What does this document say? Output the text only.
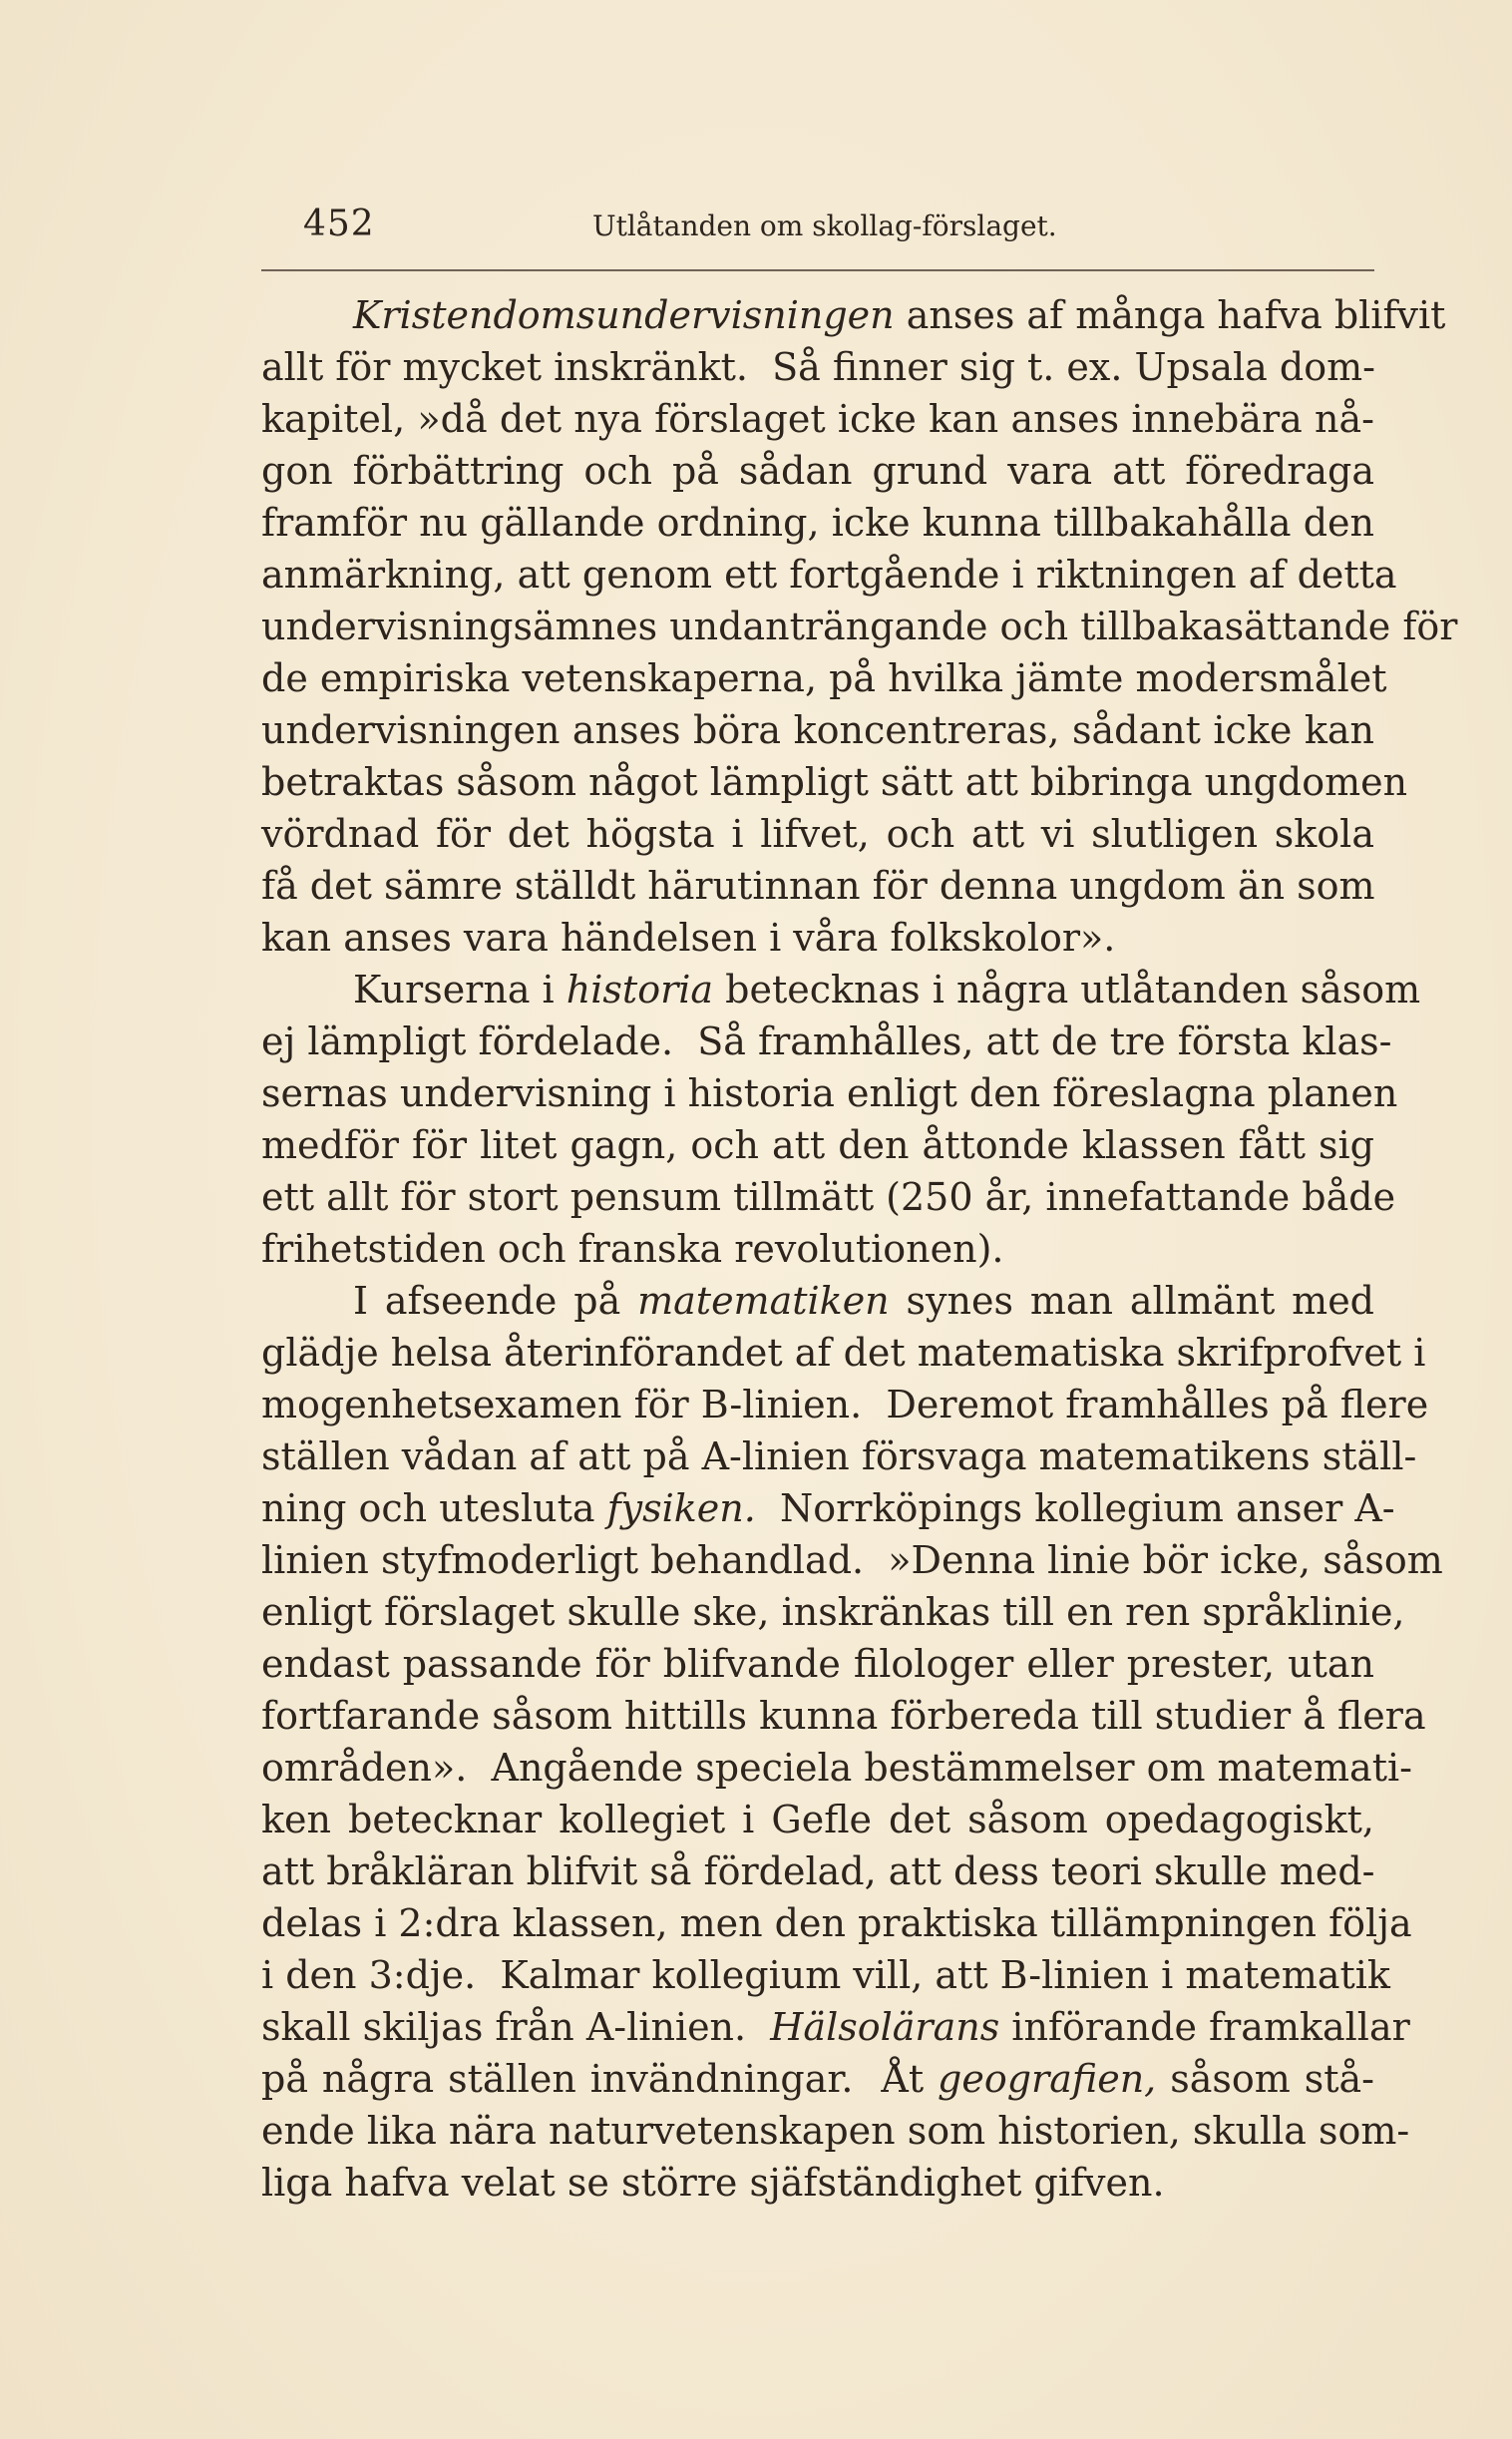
452	Utlåtanden om skollag-förslaget.
Kristendomsundervisningen anses af många hafva blifvit
allt för mycket inskränkt.  Så finner sig t. ex. Upsala dom-
kapitel, »då det nya förslaget icke kan anses innebära nå-
gon förbättring och på sådan grund vara att föredraga
framför nu gällande ordning, icke kunna tillbakahålla den
anmärkning, att genom ett fortgående i riktningen af detta
undervisningsämnes undanträngande och tillbakasättande för
de empiriska vetenskaperna, på hvilka jämte modersmålet
undervisningen anses böra koncentreras, sådant icke kan
betraktas såsom något lämpligt sätt att bibringa ungdomen
vördnad för det högsta i lifvet, och att vi slutligen skola
få det sämre ställdt härutinnan för denna ungdom än som
kan anses vara händelsen i våra folkskolor».
Kurserna i historia betecknas i några utlåtanden såsom
ej lämpligt fördelade.  Så framhålles, att de tre första klas-
sernas undervisning i historia enligt den föreslagna planen
medför för litet gagn, och att den åttonde klassen fått sig
ett allt för stort pensum tillmätt (250 år, innefattande både
frihetstiden och franska revolutionen).
I afseende på matematiken synes man allmänt med
glädje helsa återinförandet af det matematiska skrifprofvet i
mogenhetsexamen för B-linien.  Deremot framhålles på flere
ställen vådan af att på A-linien försvaga matematikens ställ-
ning och utesluta fysiken.  Norrköpings kollegium anser A-
linien styfmoderligt behandlad.  »Denna linie bör icke, såsom
enligt förslaget skulle ske, inskränkas till en ren språklinie,
endast passande för blifvande filologer eller prester, utan
fortfarande såsom hittills kunna förbereda till studier å flera
områden».  Angående speciela bestämmelser om matemati-
ken betecknar kollegiet i Gefle det såsom opedagogiskt,
att bråkläran blifvit så fördelad, att dess teori skulle med-
delas i 2:dra klassen, men den praktiska tillämpningen följa
i den 3:dje.  Kalmar kollegium vill, att B-linien i matematik
skall skiljas från A-linien.  Hälsolärans införande framkallar
på några ställen invändningar.  Åt geografien, såsom stå-
ende lika nära naturvetenskapen som historien, skulla som-
liga hafva velat se större sjäfständighet gifven.
